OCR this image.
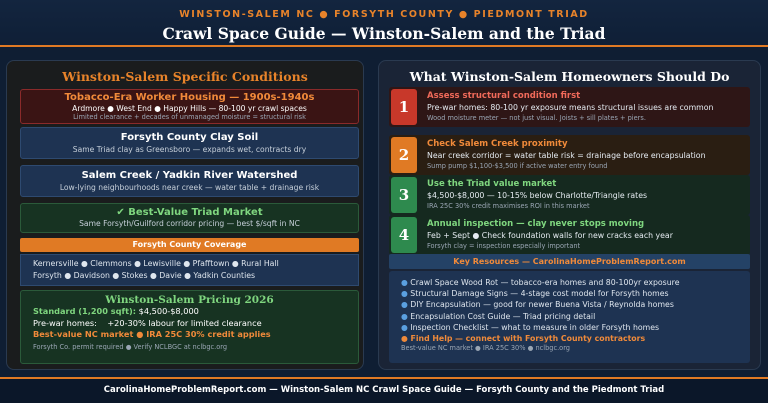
WINSTON-SALEM NC ● FORSYTH COUNTY ● PIEDMONT TRIAD
Crawl Space Guide — Winston-Salem and the Triad
Winston-Salem Specific Conditions
Tobacco-Era Worker Housing — 1900s-1940s
Ardmore ● West End ● Happy Hills — 80-100 yr crawl spaces
Limited clearance + decades of unmanaged moisture = structural risk
Forsyth County Clay Soil
Same Triad clay as Greensboro — expands wet, contracts dry
Salem Creek / Yadkin River Watershed
Low-lying neighbourhoods near creek — water table + drainage risk
✔ Best-Value Triad Market
Same Forsyth/Guilford corridor pricing — best $/sqft in NC
Forsyth County Coverage
Kernersville ● Clemmons ● Lewisville ● Pfafftown ● Rural Hall
Forsyth ● Davidson ● Stokes ● Davie ● Yadkin Counties
Winston-Salem Pricing 2026
Standard (1,200 sqft): $4,500-$8,000
Pre-war homes: +20-30% labour for limited clearance
Best-value NC market ● IRA 25C 30% credit applies
Forsyth Co. permit required ● Verify NCLBGC at nclbgc.org
What Winston-Salem Homeowners Should Do
1
Assess structural condition first
Pre-war homes: 80-100 yr exposure means structural issues are common
Wood moisture meter — not just visual. Joists + sill plates + piers.
2
Check Salem Creek proximity
Near creek corridor = water table risk = drainage before encapsulation
Sump pump $1,100-$3,500 if active water entry found
3
Use the Triad value market
$4,500-$8,000 — 10-15% below Charlotte/Triangle rates
IRA 25C 30% credit maximises ROI in this market
4
Annual inspection — clay never stops moving
Feb + Sept ● Check foundation walls for new cracks each year
Forsyth clay = inspection especially important
Key Resources — CarolinaHomeProblemReport.com
● Crawl Space Wood Rot — tobacco-era homes and 80-100yr exposure
● Structural Damage Signs — 4-stage cost model for Forsyth homes
● DIY Encapsulation — good for newer Buena Vista / Reynolda homes
● Encapsulation Cost Guide — Triad pricing detail
● Inspection Checklist — what to measure in older Forsyth homes
● Find Help — connect with Forsyth County contractors
Best-value NC market ● IRA 25C 30% ● nclbgc.org
CarolinaHomeProblemReport.com — Winston-Salem NC Crawl Space Guide — Forsyth County and the Piedmont Triad
